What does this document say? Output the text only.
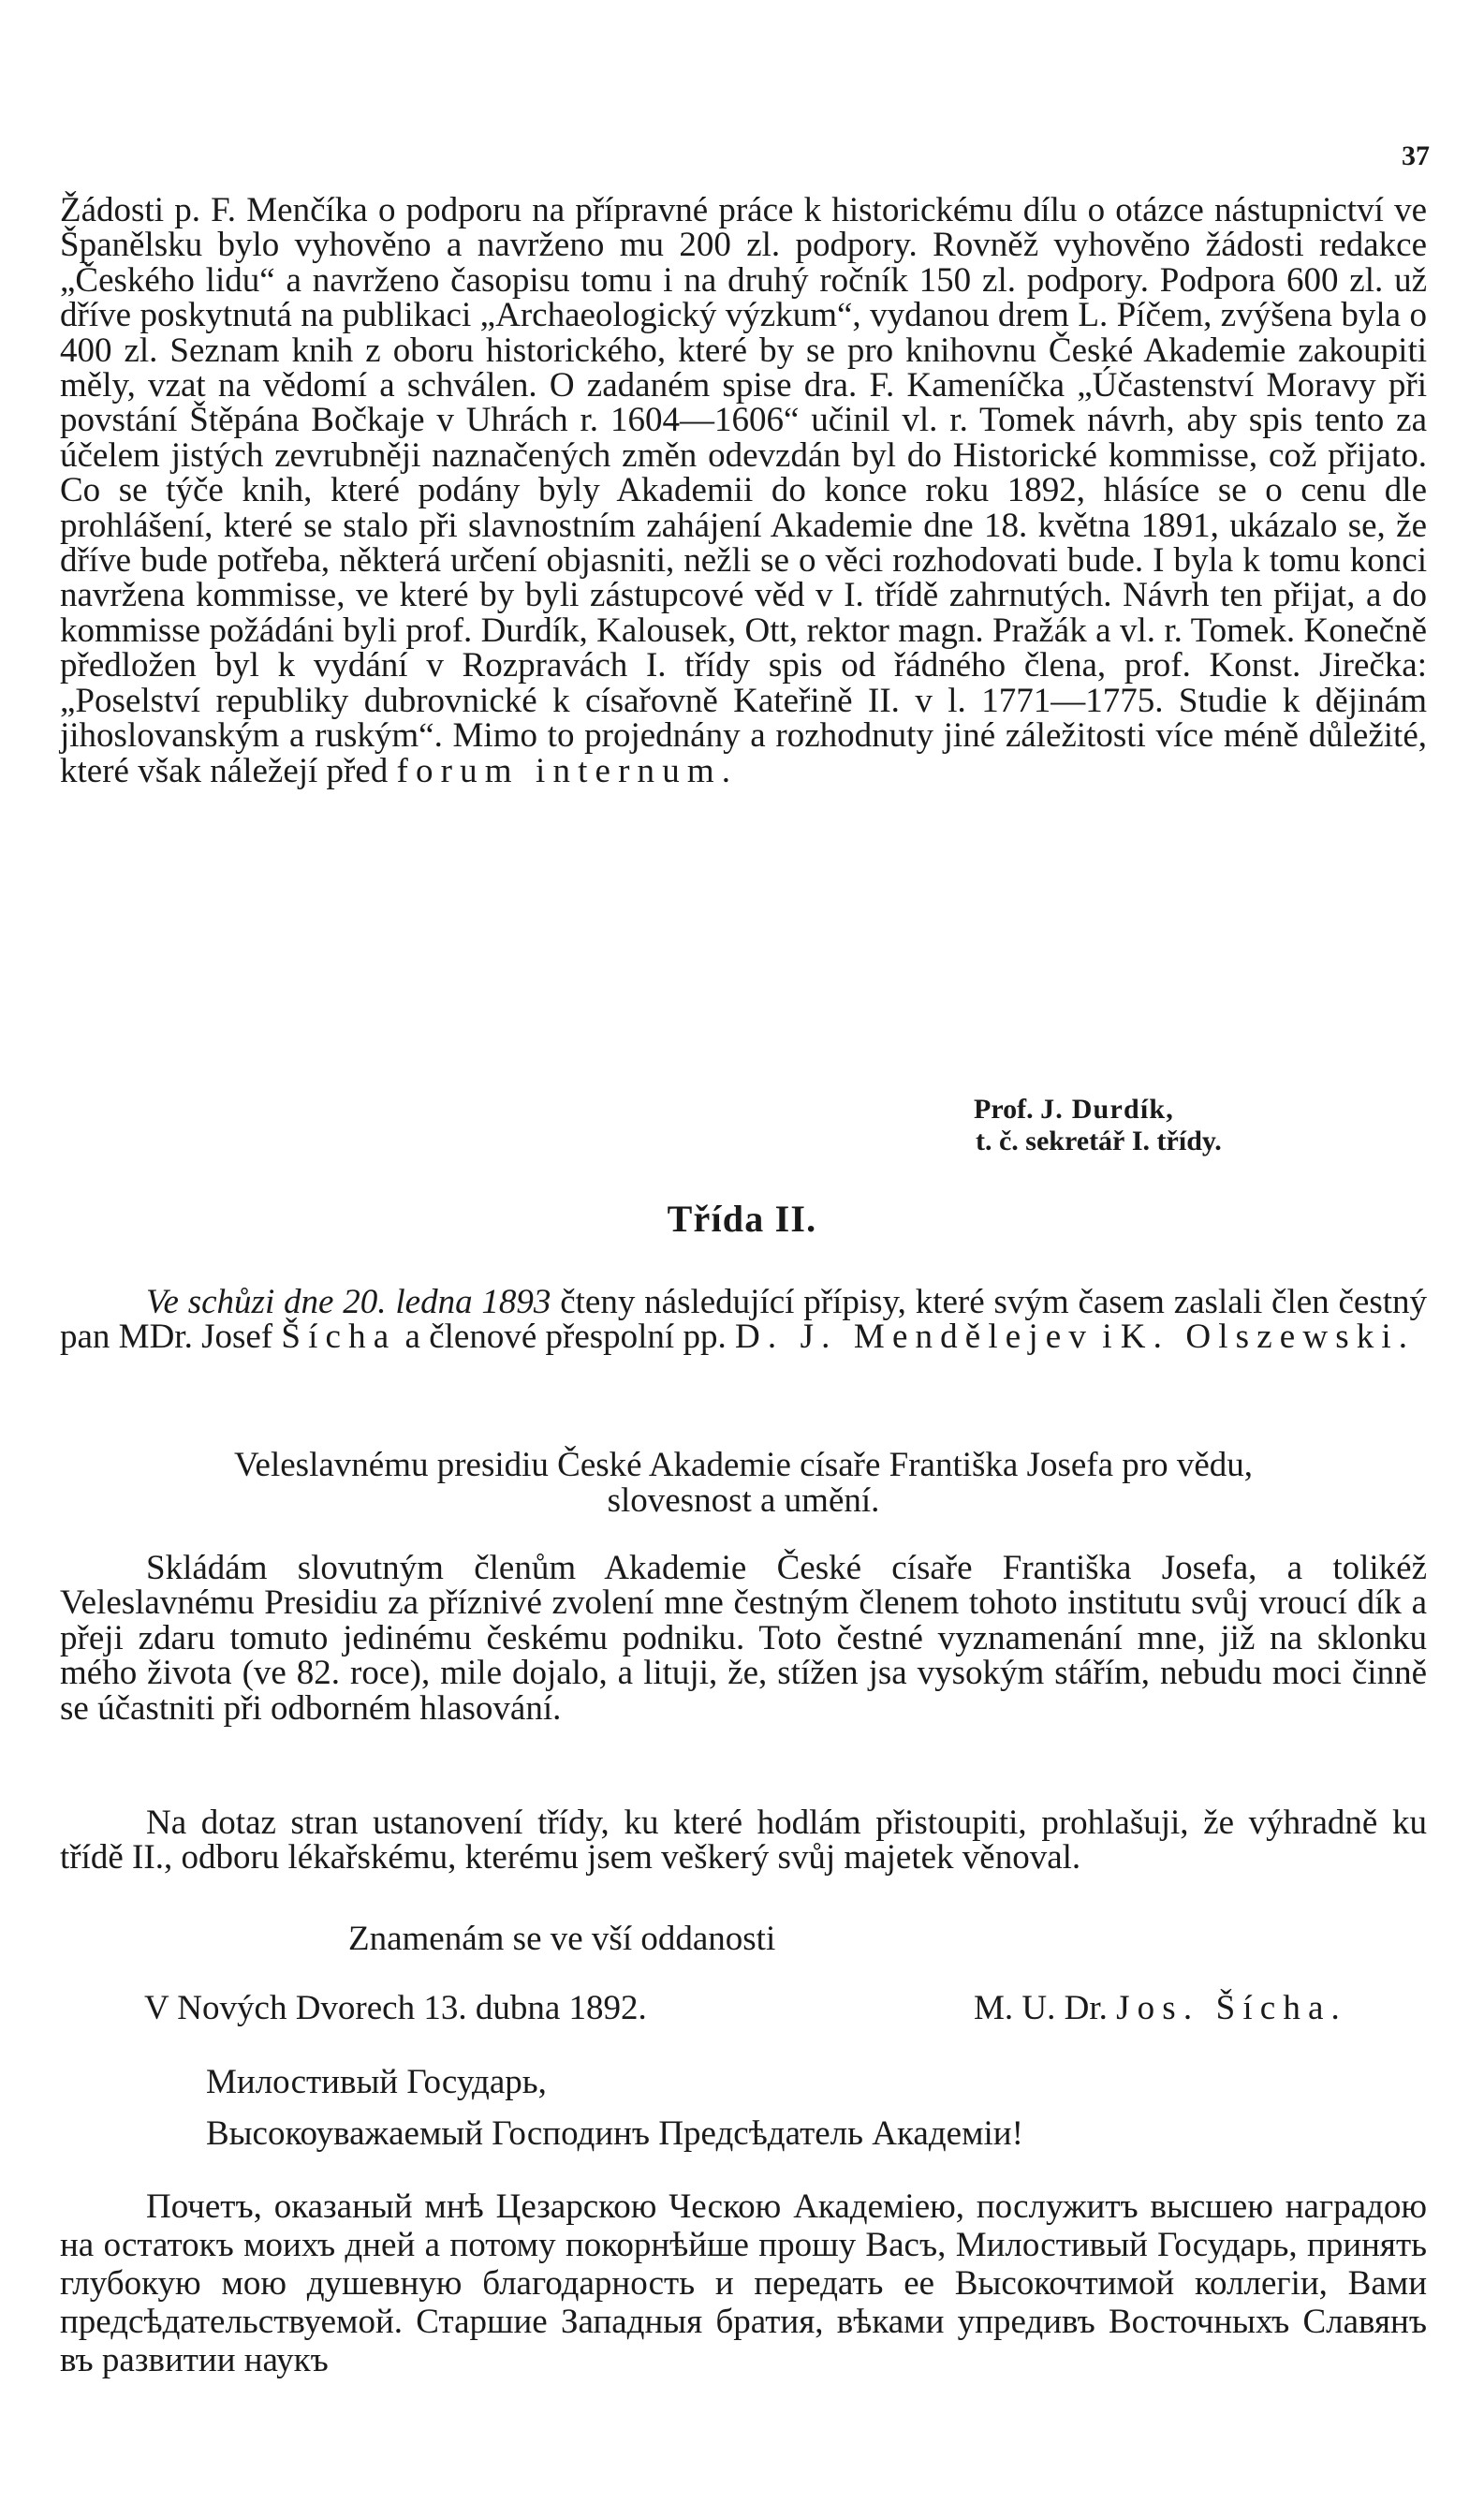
37
Žádosti p. F. Menčíka o podporu na přípravné práce k historickému dílu o otázce nástupnictví ve Španělsku bylo vyhověno a navrženo mu 200 zl. podpory. Rovněž vyhověno žádosti redakce „Českého lidu“ a navrženo časopisu tomu i na druhý ročník 150 zl. podpory. Podpora 600 zl. už dříve poskytnutá na publikaci „Archaeologický výzkum“, vydanou drem L. Píčem, zvýšena byla o 400 zl. Seznam knih z oboru historického, které by se pro knihovnu České Akademie zakoupiti měly, vzat na vědomí a schválen. O zadaném spise dra. F. Kameníčka „Účastenství Moravy při povstání Štěpána Bočkaje v Uhrách r. 1604—1606“ učinil vl. r. Tomek návrh, aby spis tento za účelem jistých zevrubněji naznačených změn odevzdán byl do Historické kommisse, což přijato. Co se týče knih, které podány byly Akademii do konce roku 1892, hlásíce se o cenu dle prohlášení, které se stalo při slavnostním zahájení Akademie dne 18. května 1891, ukázalo se, že dříve bude potřeba, některá určení objasniti, nežli se o věci rozhodovati bude. I byla k tomu konci navržena kommisse, ve které by byli zástupcové věd v I. třídě zahrnutých. Návrh ten přijat, a do kommisse požádáni byli prof. Durdík, Kalousek, Ott, rektor magn. Pražák a vl. r. Tomek. Konečně předložen byl k vydání v Rozpravách I. třídy spis od řádného člena, prof. Konst. Jirečka: „Poselství republiky dubrovnické k císařovně Kateřině II. v l. 1771—1775. Studie k dějinám jihoslovanským a ruským“. Mimo to projednány a rozhodnuty jiné záležitosti více méně důležité, které však náležejí před forum internum.
Prof. J. Durdík,
t. č. sekretář I. třídy.
Třída II.
Ve schůzi dne 20. ledna 1893 čteny následující přípisy, které svým časem zaslali člen čestný pan MDr. Josef Šícha a členové přespolní pp. D. J. Mendělejev i K. Olszewski.
Veleslavnému presidiu České Akademie císaře Františka Josefa pro vědu,
slovesnost a umění.
Skládám slovutným členům Akademie České císaře Františka Josefa, a tolikéž Veleslavnému Presidiu za příznivé zvolení mne čestným členem tohoto institutu svůj vroucí dík a přeji zdaru tomuto jedinému českému podniku. Toto čestné vyznamenání mne, již na sklonku mého života (ve 82. roce), mile dojalo, a lituji, že, stížen jsa vysokým stářím, nebudu moci činně se účastniti při odborném hlasování.
Na dotaz stran ustanovení třídy, ku které hodlám přistoupiti, prohlašuji, že výhradně ku třídě II., odboru lékařskému, kterému jsem veškerý svůj majetek věnoval.
Znamenám se ve vší oddanosti
V Nových Dvorech 13. dubna 1892.	M. U. Dr. Jos. Šícha.
Милостивый Государь,
Высокоуважаемый Господинъ Предсѣдатель Академіи!
Почетъ, оказаный мнѣ Цезарскою Ческою Академіею, послужитъ высшею наградою на остатокъ моихъ дней а потому покорнѣйше прошу Васъ, Милостивый Государь, принять глубокую мою душевную благодарность и передать ее Высокочтимой коллегіи, Вами предсѣдательствуемой. Старшие Западныя братия, вѣками упредивъ Восточныхъ Славянъ въ развитии наукъ
